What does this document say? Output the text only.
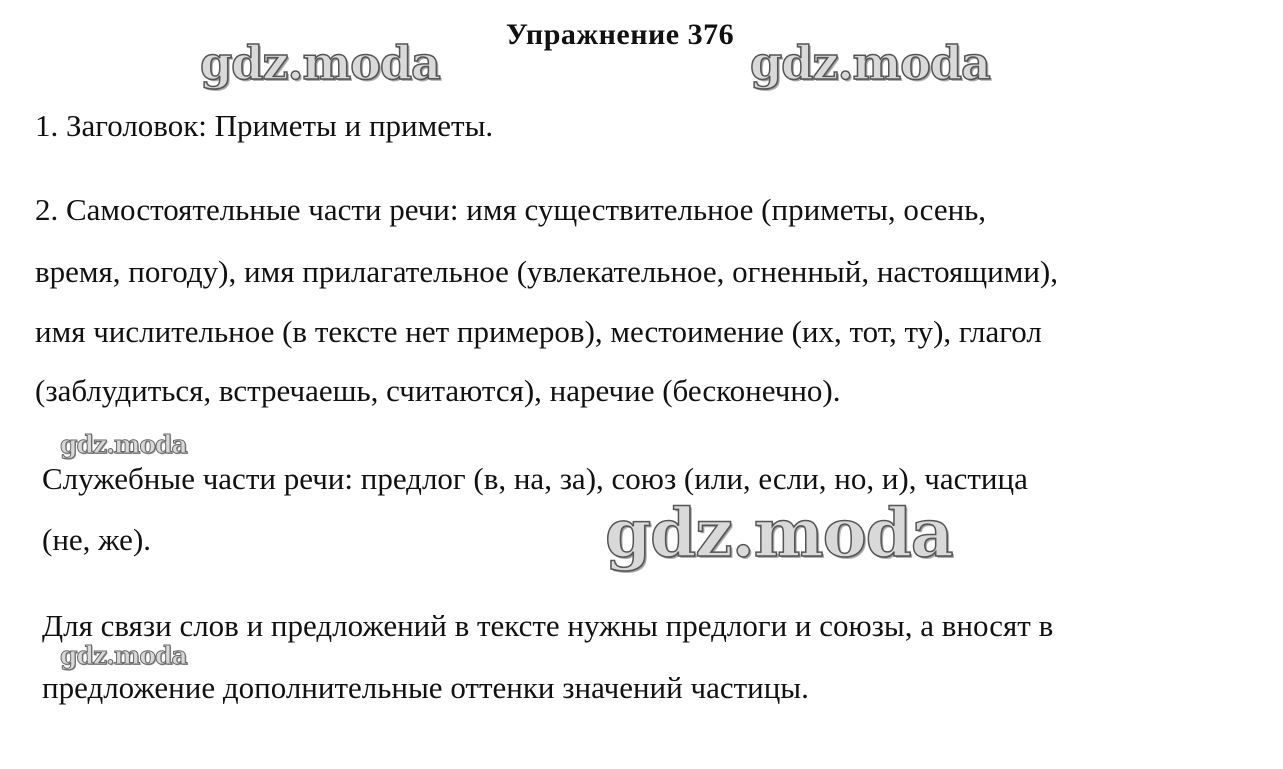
Упражнение 376
gdz.moda	gdz.moda
1. Заголовок: Приметы и приметы.
2. Самостоятельные части речи: имя существительное (приметы, осень,
время, погоду), имя прилагательное (увлекательное, огненный, настоящими),
имя числительное (в тексте нет примеров), местоимение (их, тот, ту), глагол
(заблудиться, встречаешь, считаются), наречие (бесконечно).
gdz.moda
Служебные части речи: предлог (в, на, за), союз (или, если, но, и), частица
(не, же).	gdz.moda
Для связи слов и предложений в тексте нужны предлоги и союзы, а вносят в
gdz.moda
предложение дополнительные оттенки значений частицы.
